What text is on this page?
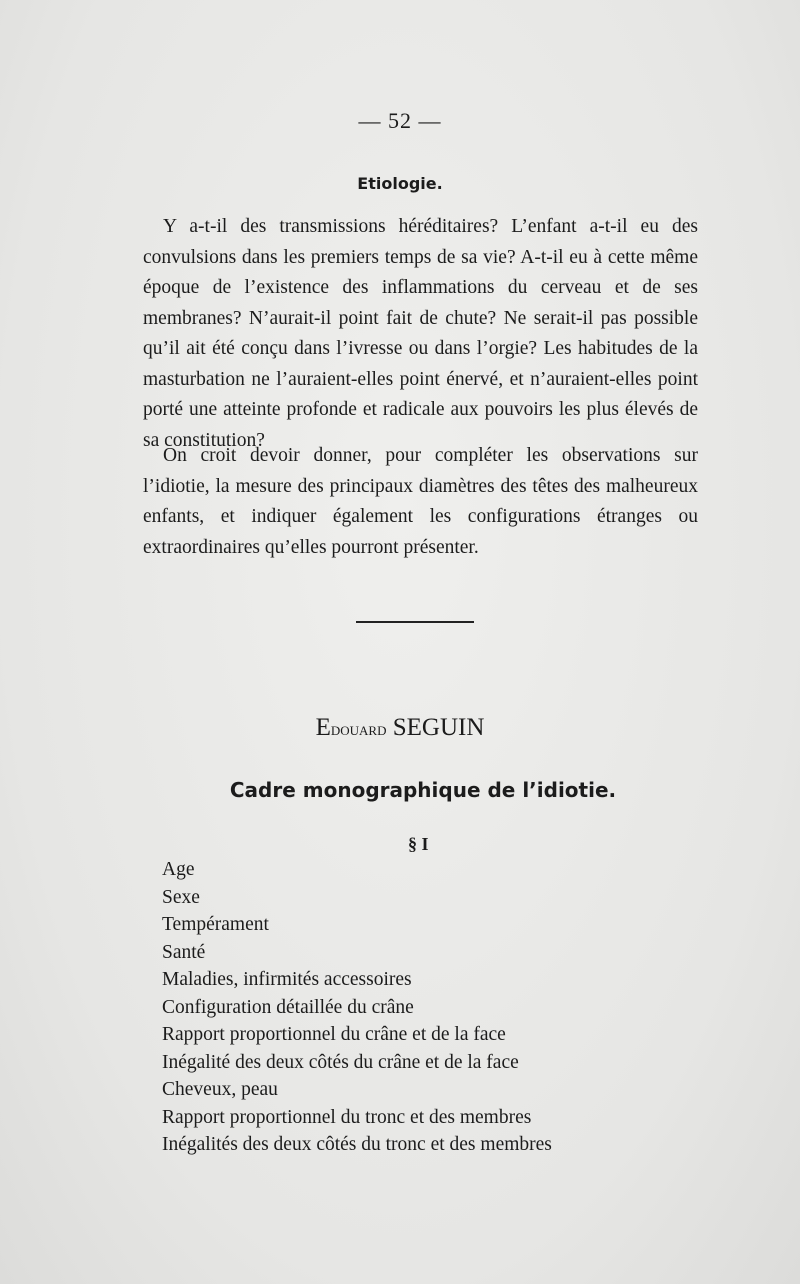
— 52 —
Etiologie.

Y a-t-il des transmissions héréditaires? L’enfant a-t-il eu des convulsions dans les premiers temps de sa vie? A-t-il eu à cette même époque de l’existence des inflammations du cerveau et de ses membranes? N’aurait-il point fait de chute? Ne serait-il pas possible qu’il ait été conçu dans l’ivresse ou dans l’orgie? Les habitudes de la masturbation ne l’auraient-elles point énervé, et n’auraient-elles point porté une atteinte profonde et radicale aux pouvoirs les plus élevés de sa constitution?

On croit devoir donner, pour compléter les observations sur l’idiotie, la mesure des principaux diamètres des têtes des malheureux enfants, et indiquer également les configurations étranges ou extraordinaires qu’elles pourront présenter.

Edouard SEGUIN
Cadre monographique de l’idiotie.
§ I
Age
Sexe
Tempérament
Santé
Maladies, infirmités accessoires
Configuration détaillée du crâne
Rapport proportionnel du crâne et de la face
Inégalité des deux côtés du crâne et de la face
Cheveux, peau
Rapport proportionnel du tronc et des membres
Inégalités des deux côtés du tronc et des membres
